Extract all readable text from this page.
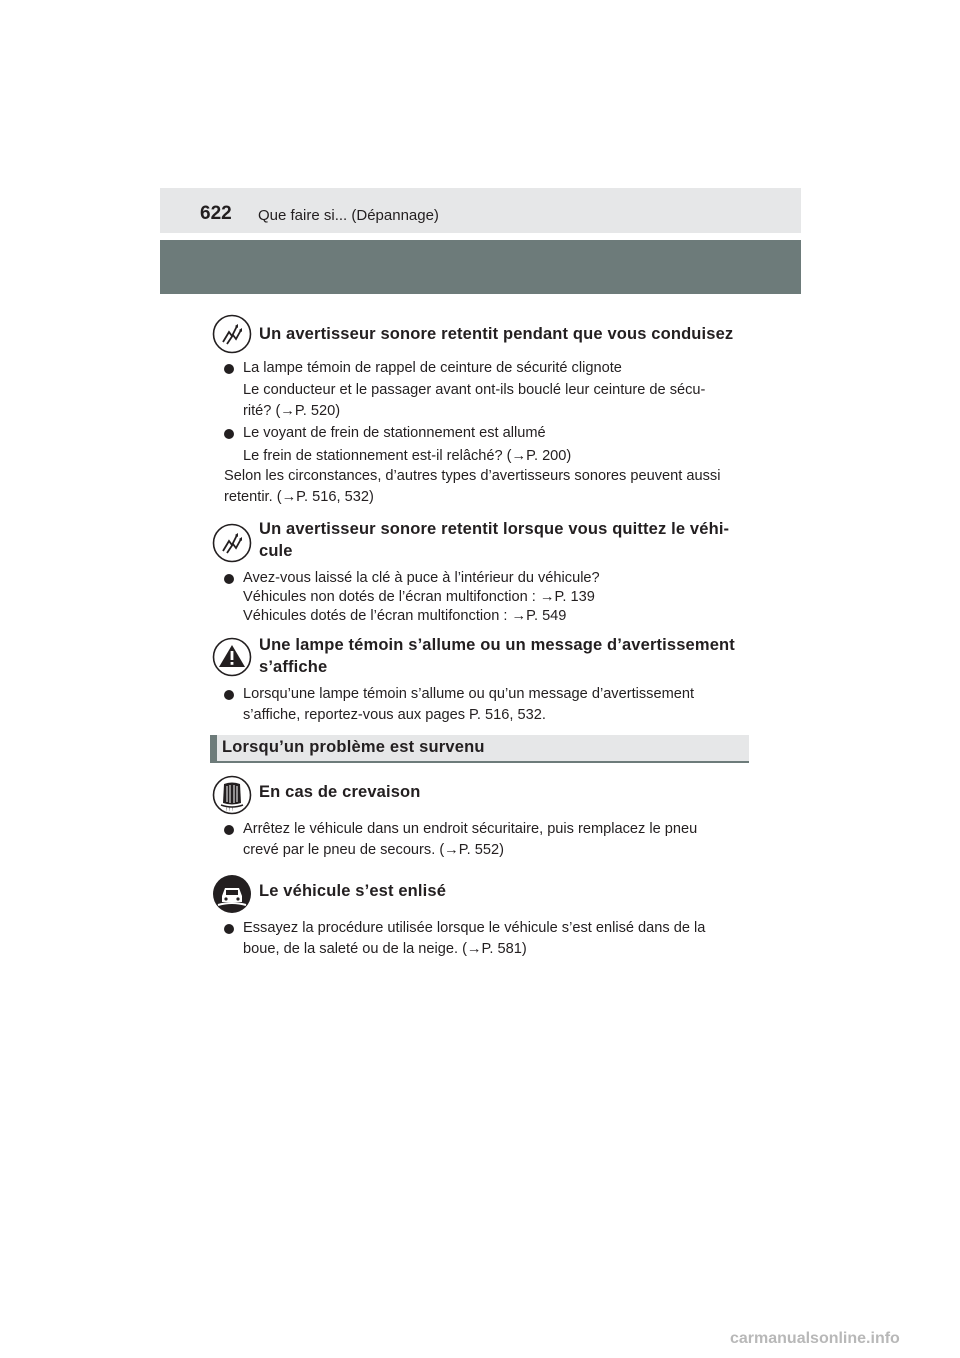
622 Que faire si... (Dépannage)
Un avertisseur sonore retentit pendant que vous conduisez
La lampe témoin de rappel de ceinture de sécurité clignote
Le conducteur et le passager avant ont-ils bouclé leur ceinture de sécu-
rité? (→P. 520)
Le voyant de frein de stationnement est allumé
Le frein de stationnement est-il relâché? (→P. 200)
Selon les circonstances, d’autres types d’avertisseurs sonores peuvent aussi
retentir. (→P. 516, 532)
Un avertisseur sonore retentit lorsque vous quittez le véhi-
cule
Avez-vous laissé la clé à puce à l’intérieur du véhicule?
Véhicules non dotés de l’écran multifonction : →P. 139
Véhicules dotés de l’écran multifonction : →P. 549
Une lampe témoin s’allume ou un message d’avertissement
s’affiche
Lorsqu’une lampe témoin s’allume ou qu’un message d’avertissement
s’affiche, reportez-vous aux pages P. 516, 532.
Lorsqu’un problème est survenu
! ! !
En cas de crevaison
Arrêtez le véhicule dans un endroit sécuritaire, puis remplacez le pneu
crevé par le pneu de secours. (→P. 552)
Le véhicule s’est enlisé
Essayez la procédure utilisée lorsque le véhicule s’est enlisé dans de la
boue, de la saleté ou de la neige. (→P. 581)
carmanualsonline.info
